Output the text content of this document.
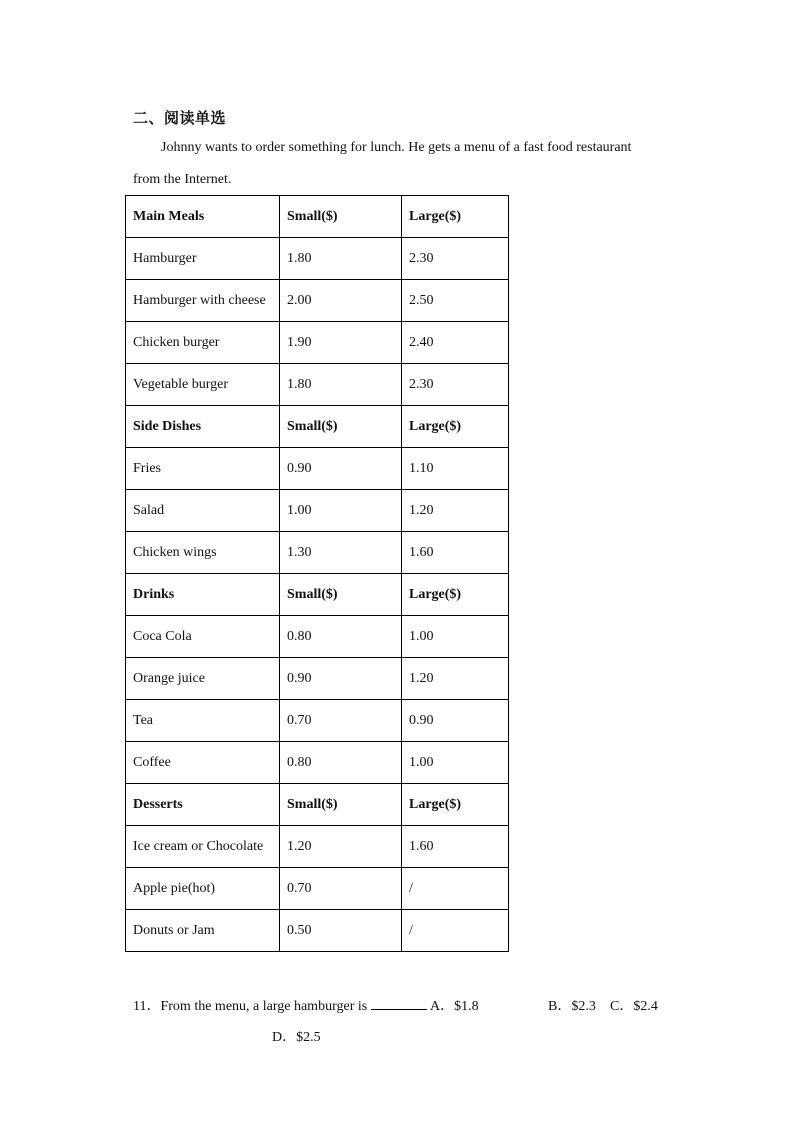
二、阅读单选
Johnny wants to order something for lunch. He gets a menu of a fast food restaurant
from the Internet.
Main Meals	Small($)	Large($)
Hamburger	1.80	2.30
Hamburger with cheese	2.00	2.50
Chicken burger	1.90	2.40
Vegetable burger	1.80	2.30
Side Dishes	Small($)	Large($)
Fries	0.90	1.10
Salad	1.00	1.20
Chicken wings	1.30	1.60
Drinks	Small($)	Large($)
Coca Cola	0.80	1.00
Orange juice	0.90	1.20
Tea	0.70	0.90
Coffee	0.80	1.00
Desserts	Small($)	Large($)
Ice cream or Chocolate	1.20	1.60
Apple pie(hot)	0.70	/
Donuts or Jam	0.50	/
11．From the menu, a large hamburger is	A．$1.8	B．$2.3 C．$2.4
D．$2.5
